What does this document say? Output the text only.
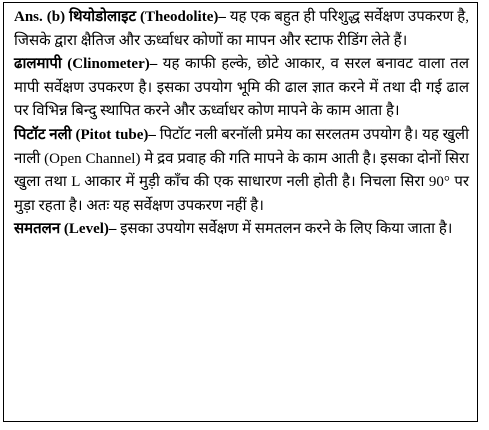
Ans. (b) थियोडोलाइट (Theodolite)– यह एक बहुत ही परिशुद्ध सर्वेक्षण उपकरण है, जिसके द्वारा क्षैतिज और ऊर्ध्वाधर कोणों का मापन और स्टाफ रीडिंग लेते हैं।

ढालमापी (Clinometer)– यह काफी हल्के, छोटे आकार, व सरल बनावट वाला तल मापी सर्वेक्षण उपकरण है। इसका उपयोग भूमि की ढाल ज्ञात करने में तथा दी गई ढाल पर विभिन्न बिन्दु स्थापित करने और ऊर्ध्वाधर कोण मापने के काम आता है।

पिटॉट नली (Pitot tube)– पिटॉट नली बरनॉली प्रमेय का सरलतम उपयोग है। यह खुली नाली (Open Channel) मे द्रव प्रवाह की गति मापने के काम आती है। इसका दोनों सिरा खुला तथा L आकार में मुड़ी काँच की एक साधारण नली होती है। निचला सिरा 90° पर मुड़ा रहता है। अतः यह सर्वेक्षण उपकरण नहीं है।

समतलन (Level)– इसका उपयोग सर्वेक्षण में समतलन करने के लिए किया जाता है।
